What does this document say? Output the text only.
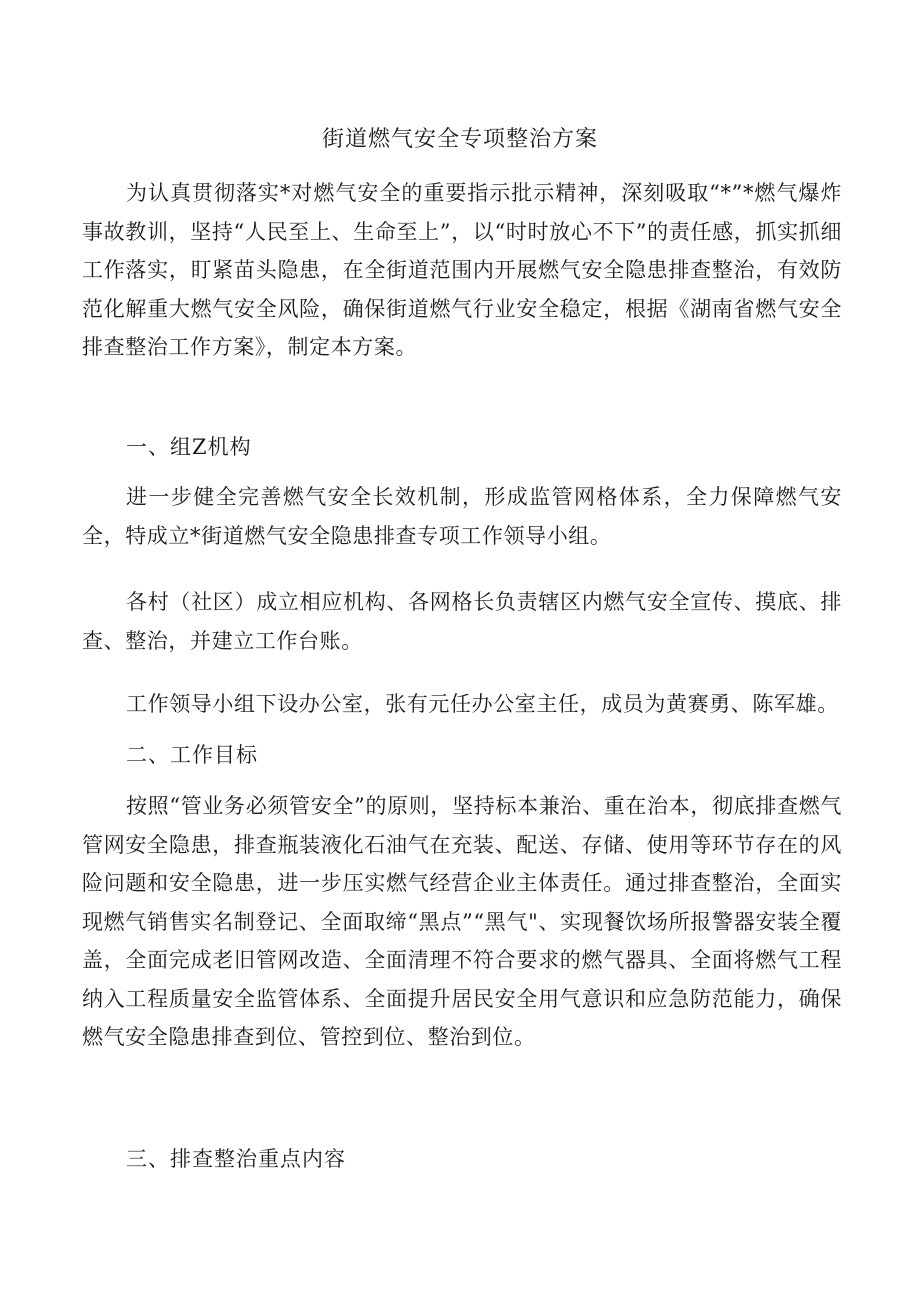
街道燃气安全专项整治方案
为认真贯彻落实*对燃气安全的重要指示批示精神，深刻吸取“*”*燃气爆炸事故教训，坚持“人民至上、生命至上”，以“时时放心不下”的责任感，抓实抓细工作落实，盯紧苗头隐患，在全街道范围内开展燃气安全隐患排查整治，有效防范化解重大燃气安全风险，确保街道燃气行业安全稳定，根据《湖南省燃气安全排查整治工作方案》，制定本方案。
一、组Z机构
进一步健全完善燃气安全长效机制，形成监管网格体系，全力保障燃气安全，特成立*街道燃气安全隐患排查专项工作领导小组。
各村（社区）成立相应机构、各网格长负责辖区内燃气安全宣传、摸底、排查、整治，并建立工作台账。
工作领导小组下设办公室，张有元任办公室主任，成员为黄赛勇、陈军雄。
二、工作目标
按照“管业务必须管安全”的原则，坚持标本兼治、重在治本，彻底排查燃气管网安全隐患，排查瓶装液化石油气在充装、配送、存储、使用等环节存在的风险问题和安全隐患，进一步压实燃气经营企业主体责任。通过排查整治，全面实现燃气销售实名制登记、全面取缔“黑点”“黑气"、实现餐饮场所报警器安装全覆盖，全面完成老旧管网改造、全面清理不符合要求的燃气器具、全面将燃气工程纳入工程质量安全监管体系、全面提升居民安全用气意识和应急防范能力，确保燃气安全隐患排查到位、管控到位、整治到位。
三、排查整治重点内容
